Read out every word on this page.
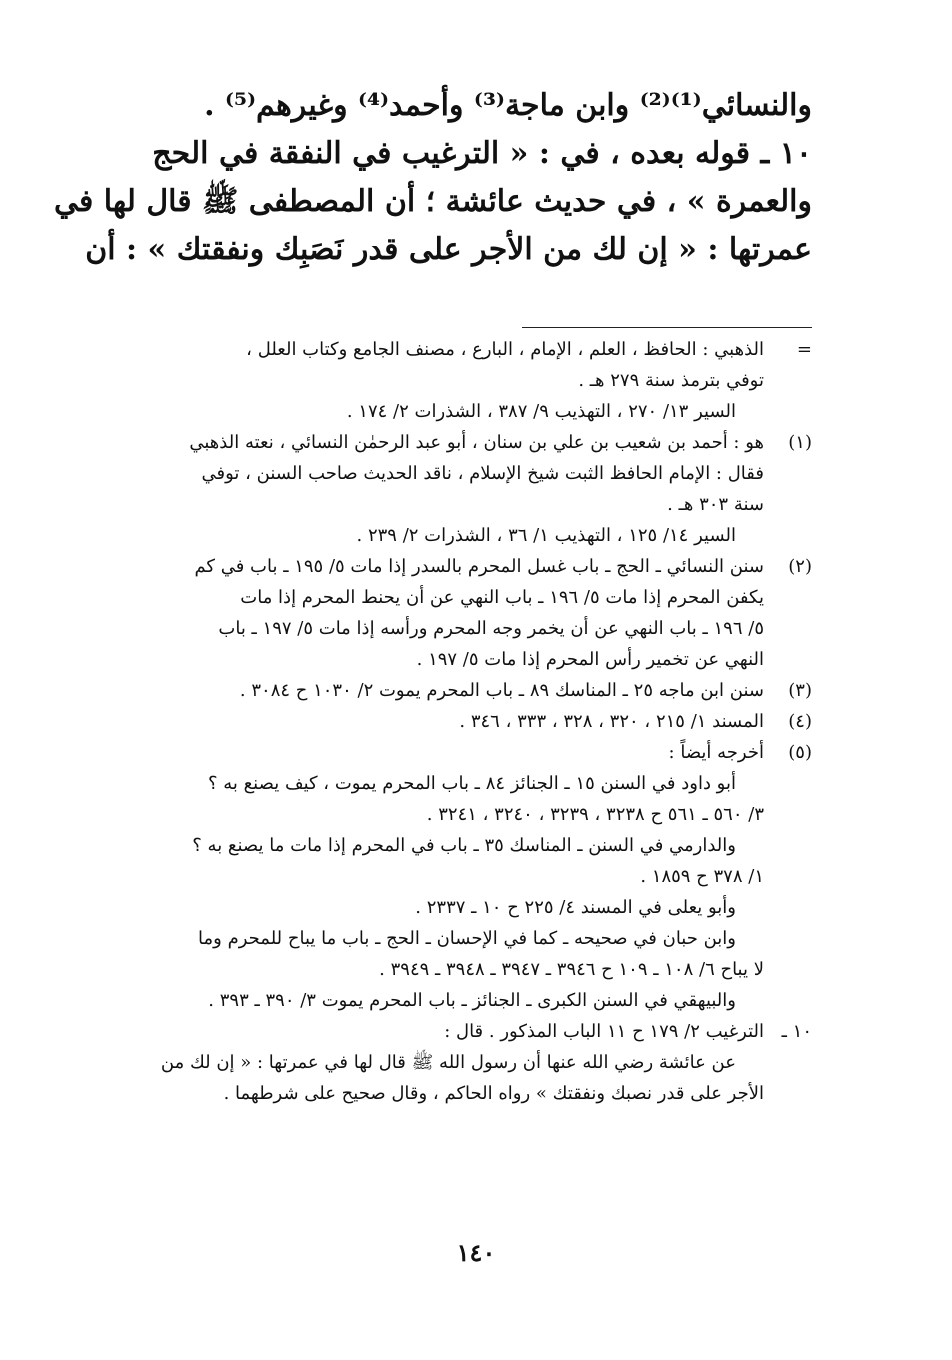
والنسائي⁽¹⁾⁽²⁾ وابن ماجة⁽³⁾ وأحمد⁽⁴⁾ وغيرهم⁽⁵⁾ .
١٠ ـ قوله بعده ، في : « الترغيب في النفقة في الحج
والعمرة » ، في حديث عائشة ؛ أن المصطفى ﷺ قال لها في
عمرتها : « إن لك من الأجر على قدر نَصَبِك ونفقتك » : أن
=
الذهبي : الحافظ ، العلم ، الإمام ، البارع ، مصنف الجامع وكتاب العلل ،
توفي بترمذ سنة ٢٧٩ هـ .
السير ١٣/ ٢٧٠ ، التهذيب ٩/ ٣٨٧ ، الشذرات ٢/ ١٧٤ .
(١)
هو : أحمد بن شعيب بن علي بن سنان ، أبو عبد الرحمٰن النسائي ، نعته الذهبي
فقال : الإمام الحافظ الثبت شيخ الإسلام ، ناقد الحديث صاحب السنن ، توفي
سنة ٣٠٣ هـ .
السير ١٤/ ١٢٥ ، التهذيب ١/ ٣٦ ، الشذرات ٢/ ٢٣٩ .
(٢)
سنن النسائي ـ الحج ـ باب غسل المحرم بالسدر إذا مات ٥/ ١٩٥ ـ باب في كم
يكفن المحرم إذا مات ٥/ ١٩٦ ـ باب النهي عن أن يحنط المحرم إذا مات
٥/ ١٩٦ ـ باب النهي عن أن يخمر وجه المحرم ورأسه إذا مات ٥/ ١٩٧ ـ باب
النهي عن تخمير رأس المحرم إذا مات ٥/ ١٩٧ .
(٣)
سنن ابن ماجه ٢٥ ـ المناسك ٨٩ ـ باب المحرم يموت ٢/ ١٠٣٠ ح ٣٠٨٤ .
(٤)
المسند ١/ ٢١٥ ، ٣٢٠ ، ٣٢٨ ، ٣٣٣ ، ٣٤٦ .
(٥)
أخرجه أيضاً :
أبو داود في السنن ١٥ ـ الجنائز ٨٤ ـ باب المحرم يموت ، كيف يصنع به ؟
۳/ ٥٦٠ ـ ٥٦١ ح ٣٢٣٨ ، ٣٢٣٩ ، ٣٢٤٠ ، ٣٢٤١ .
والدارمي في السنن ـ المناسك ٣٥ ـ باب في المحرم إذا مات ما يصنع به ؟
١/ ٣٧٨ ح ١٨٥٩ .
وأبو يعلى في المسند ٤/ ٢٢٥ ح ١٠ ـ ٢٣٣٧ .
وابن حبان في صحيحه ـ كما في الإحسان ـ الحج ـ باب ما يباح للمحرم وما
لا يباح ٦/ ١٠٨ ـ ١٠٩ ح ٣٩٤٦ ـ ٣٩٤٧ ـ ٣٩٤٨ ـ ٣٩٤٩ .
والبيهقي في السنن الكبرى ـ الجنائز ـ باب المحرم يموت ٣/ ٣٩٠ ـ ٣٩٣ .
١٠ ـ
الترغيب ٢/ ١٧٩ ح ١١ الباب المذكور . قال :
عن عائشة رضي الله عنها أن رسول الله ﷺ قال لها في عمرتها : « إن لك من
الأجر على قدر نصبك ونفقتك » رواه الحاكم ، وقال صحيح على شرطهما .
١٤٠
